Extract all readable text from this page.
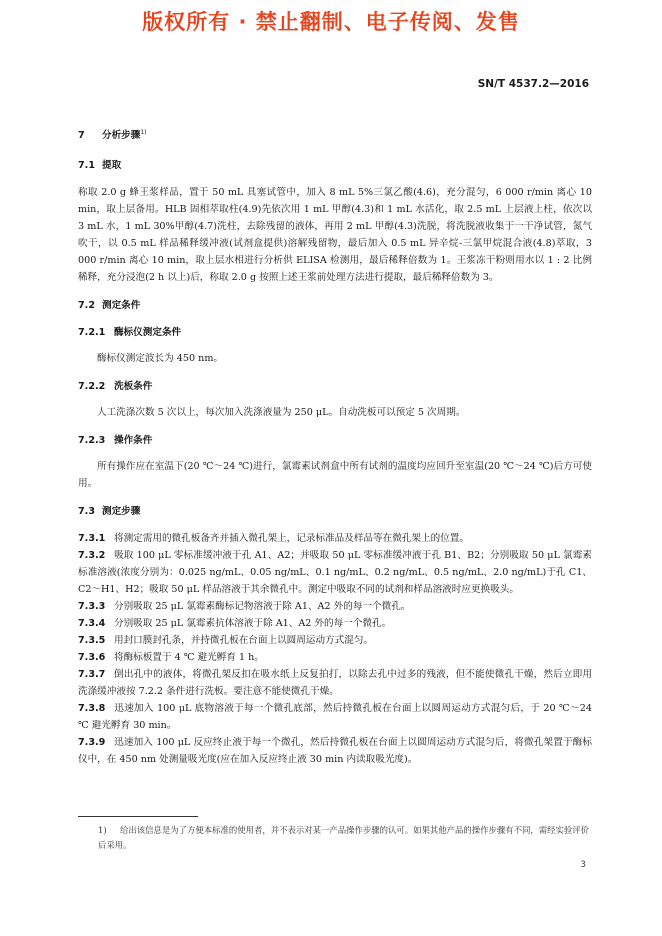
版权所有 · 禁止翻制、电子传阅、发售
SN/T 4537.2—2016
7 分析步骤$^{1)}$
7.1 提取

称取 2.0 g 蜂王浆样品，置于 50 mL 具塞试管中，加入 8 mL 5%三氯乙酸(4.6)，充分混匀，6 000 r/min 离心 10 min，取上层备用。HLB 固相萃取柱(4.9)先依次用 1 mL 甲醇(4.3)和 1 mL 水活化，取 2.5 mL 上层液上柱，依次以 3 mL 水，1 mL 30%甲醇(4.7)洗柱，去除残留的液体，再用 2 mL 甲醇(4.3)洗脱，将洗脱液收集于一干净试管，氮气吹干，以 0.5 mL 样品稀释缓冲液(试剂盒提供)溶解残留物，最后加入 0.5 mL 异辛烷-三氯甲烷混合液(4.8)萃取，3 000 r/min 离心 10 min，取上层水相进行分析供 ELISA 检测用，最后稀释倍数为 1。王浆冻干粉则用水以 1 : 2 比例稀释，充分浸泡(2 h 以上)后，称取 2.0 g 按照上述王浆前处理方法进行提取，最后稀释倍数为 3。

7.2 测定条件
7.2.1 酶标仪测定条件

酶标仪测定波长为 450 nm。

7.2.2 洗板条件

人工洗涤次数 5 次以上，每次加入洗涤液量为 250 μL。自动洗板可以预定 5 次周期。

7.2.3 操作条件

所有操作应在室温下(20 ℃～24 ℃)进行，氯霉素试剂盒中所有试剂的温度均应回升至室温(20 ℃～24 ℃)后方可使用。

7.3 测定步骤

7.3.1 将测定需用的微孔板备齐并插入微孔架上，记录标准品及样品等在微孔架上的位置。

7.3.2 吸取 100 μL 零标准缓冲液于孔 A1、A2；并吸取 50 μL 零标准缓冲液于孔 B1、B2；分别吸取 50 μL 氯霉素标准溶液(浓度分别为：0.025 ng/mL、0.05 ng/mL、0.1 ng/mL、0.2 ng/mL、0.5 ng/mL、2.0 ng/mL)于孔 C1、C2～H1、H2；吸取 50 μL 样品溶液于其余微孔中。测定中吸取不同的试剂和样品溶液时应更换吸头。

7.3.3 分别吸取 25 μL 氯霉素酶标记物溶液于除 A1、A2 外的每一个微孔。

7.3.4 分别吸取 25 μL 氯霉素抗体溶液于除 A1、A2 外的每一个微孔。

7.3.5 用封口膜封孔条，并持微孔板在台面上以圆周运动方式混匀。

7.3.6 将酶标板置于 4 ℃ 避光孵育 1 h。

7.3.7 倒出孔中的液体，将微孔架反扣在吸水纸上反复拍打，以除去孔中过多的残液，但不能使微孔干燥，然后立即用洗涤缓冲液按 7.2.2 条件进行洗板。要注意不能使微孔干燥。

7.3.8 迅速加入 100 μL 底物溶液于每一个微孔底部，然后持微孔板在台面上以圆周运动方式混匀后，于 20 ℃～24 ℃ 避光孵育 30 min。

7.3.9 迅速加入 100 μL 反应终止液于每一个微孔，然后持微孔板在台面上以圆周运动方式混匀后，将微孔架置于酶标仪中，在 450 nm 处测量吸光度(应在加入反应终止液 30 min 内读取吸光度)。

1) 给出该信息是为了方便本标准的使用者，并不表示对某一产品操作步骤的认可。如果其他产品的操作步骤有不同，需经实验评价后采用。
3
